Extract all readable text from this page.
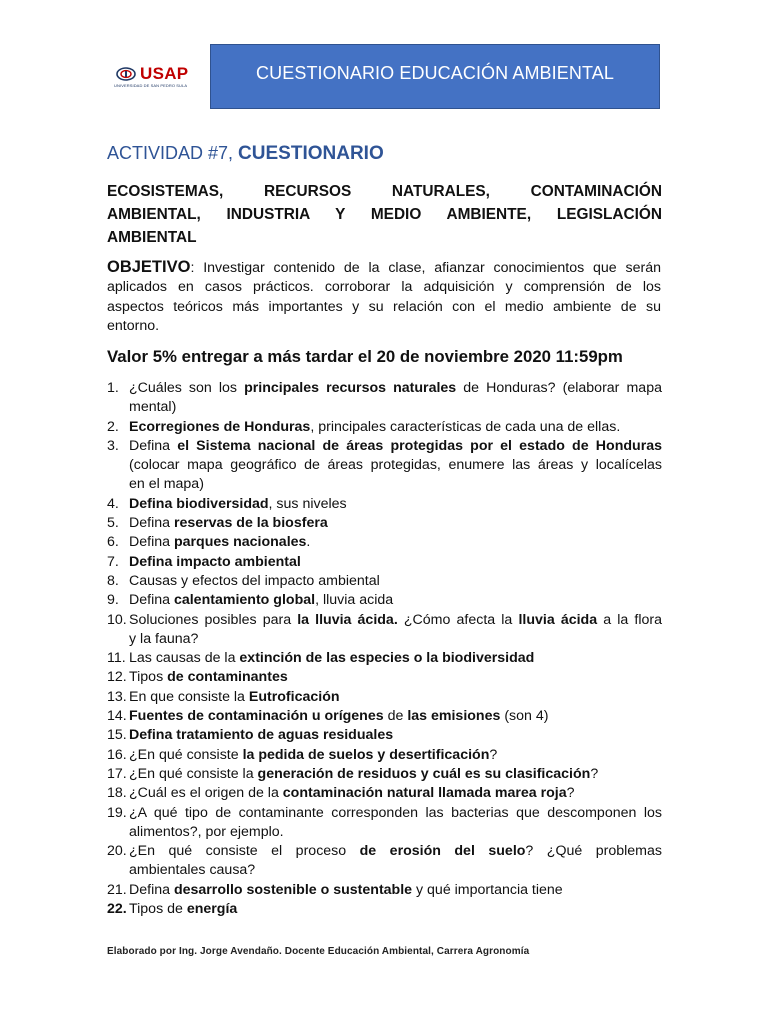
CUESTIONARIO EDUCACIÓN AMBIENTAL
USAP
UNIVERSIDAD DE SAN PEDRO SULA
ACTIVIDAD #7, CUESTIONARIO
ECOSISTEMAS, RECURSOS NATURALES, CONTAMINACIÓN
AMBIENTAL, INDUSTRIA Y MEDIO AMBIENTE, LEGISLACIÓN
AMBIENTAL
OBJETIVO: Investigar contenido de la clase, afianzar conocimientos que serán
aplicados en casos prácticos. corroborar la adquisición y comprensión de los
aspectos teóricos más importantes y su relación con el medio ambiente de su
entorno.
Valor 5% entregar a más tardar el 20 de noviembre 2020 11:59pm
1. ¿Cuáles son los principales recursos naturales de Honduras? (elaborar mapa
mental)
2. Ecorregiones de Honduras, principales características de cada una de ellas.
3. Defina el Sistema nacional de áreas protegidas por el estado de Honduras
(colocar mapa geográfico de áreas protegidas, enumere las áreas y localícelas
en el mapa)
4. Defina biodiversidad, sus niveles
5. Defina reservas de la biosfera
6. Defina parques nacionales.
7. Defina impacto ambiental
8. Causas y efectos del impacto ambiental
9. Defina calentamiento global, lluvia acida
10. Soluciones posibles para la lluvia ácida. ¿Cómo afecta la lluvia ácida a la flora
y la fauna?
11. Las causas de la extinción de las especies o la biodiversidad
12. Tipos de contaminantes
13. En que consiste la Eutroficación
14. Fuentes de contaminación u orígenes de las emisiones (son 4)
15. Defina tratamiento de aguas residuales
16. ¿En qué consiste la pedida de suelos y desertificación?
17. ¿En qué consiste la generación de residuos y cuál es su clasificación?
18. ¿Cuál es el origen de la contaminación natural llamada marea roja?
19. ¿A qué tipo de contaminante corresponden las bacterias que descomponen los
alimentos?, por ejemplo.
20. ¿En qué consiste el proceso de erosión del suelo? ¿Qué problemas
ambientales causa?
21. Defina desarrollo sostenible o sustentable y qué importancia tiene
22. Tipos de energía
Elaborado por Ing. Jorge Avendaño. Docente Educación Ambiental, Carrera Agronomía
